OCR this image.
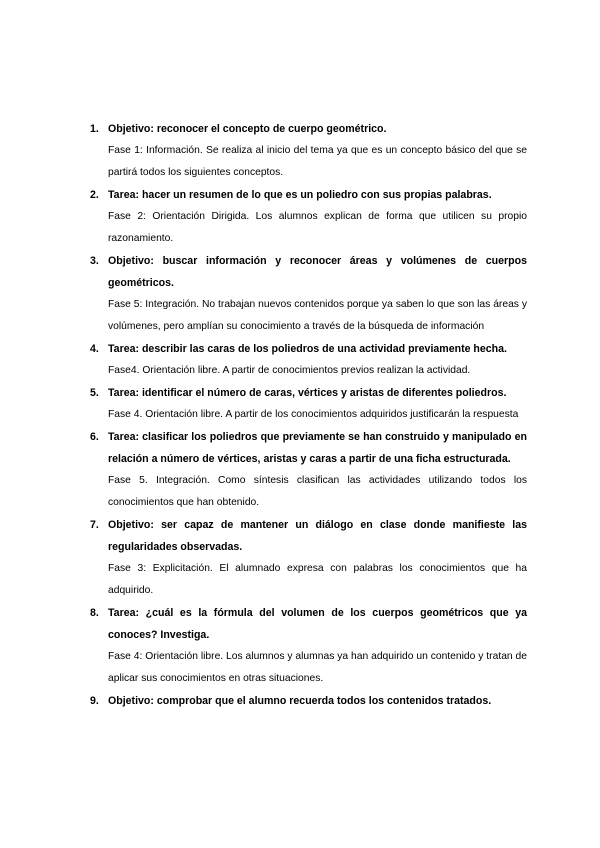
1. Objetivo: reconocer el concepto de cuerpo geométrico.

Fase 1: Información. Se realiza al inicio del tema ya que es un concepto básico del que se partirá todos los siguientes conceptos.

2. Tarea: hacer un resumen de lo que es un poliedro con sus propias palabras.

Fase 2: Orientación Dirigida. Los alumnos explican de forma que utilicen su propio razonamiento.

3. Objetivo: buscar información y reconocer áreas y volúmenes de cuerpos geométricos.

Fase 5: Integración. No trabajan nuevos contenidos porque ya saben lo que son las áreas y volúmenes, pero amplían su conocimiento a través de la búsqueda de información

4. Tarea: describir las caras de los poliedros de una actividad previamente hecha.

Fase4. Orientación libre. A partir de conocimientos previos realizan la actividad.

5. Tarea: identificar el número de caras, vértices y aristas de diferentes poliedros.

Fase 4. Orientación libre. A partir de los conocimientos adquiridos justificarán la respuesta

6. Tarea: clasificar los poliedros que previamente se han construido y manipulado en relación a número de vértices, aristas y caras a partir de una ficha estructurada.

Fase 5. Integración. Como síntesis clasifican las actividades utilizando todos los conocimientos que han obtenido.

7. Objetivo: ser capaz de mantener un diálogo en clase donde manifieste las regularidades observadas.

Fase 3: Explicitación. El alumnado expresa con palabras los conocimientos que ha adquirido.

8. Tarea: ¿cuál es la fórmula del volumen de los cuerpos geométricos que ya conoces? Investiga.

Fase 4: Orientación libre. Los alumnos y alumnas ya han adquirido un contenido y tratan de aplicar sus conocimientos en otras situaciones.

9. Objetivo: comprobar que el alumno recuerda todos los contenidos tratados.
